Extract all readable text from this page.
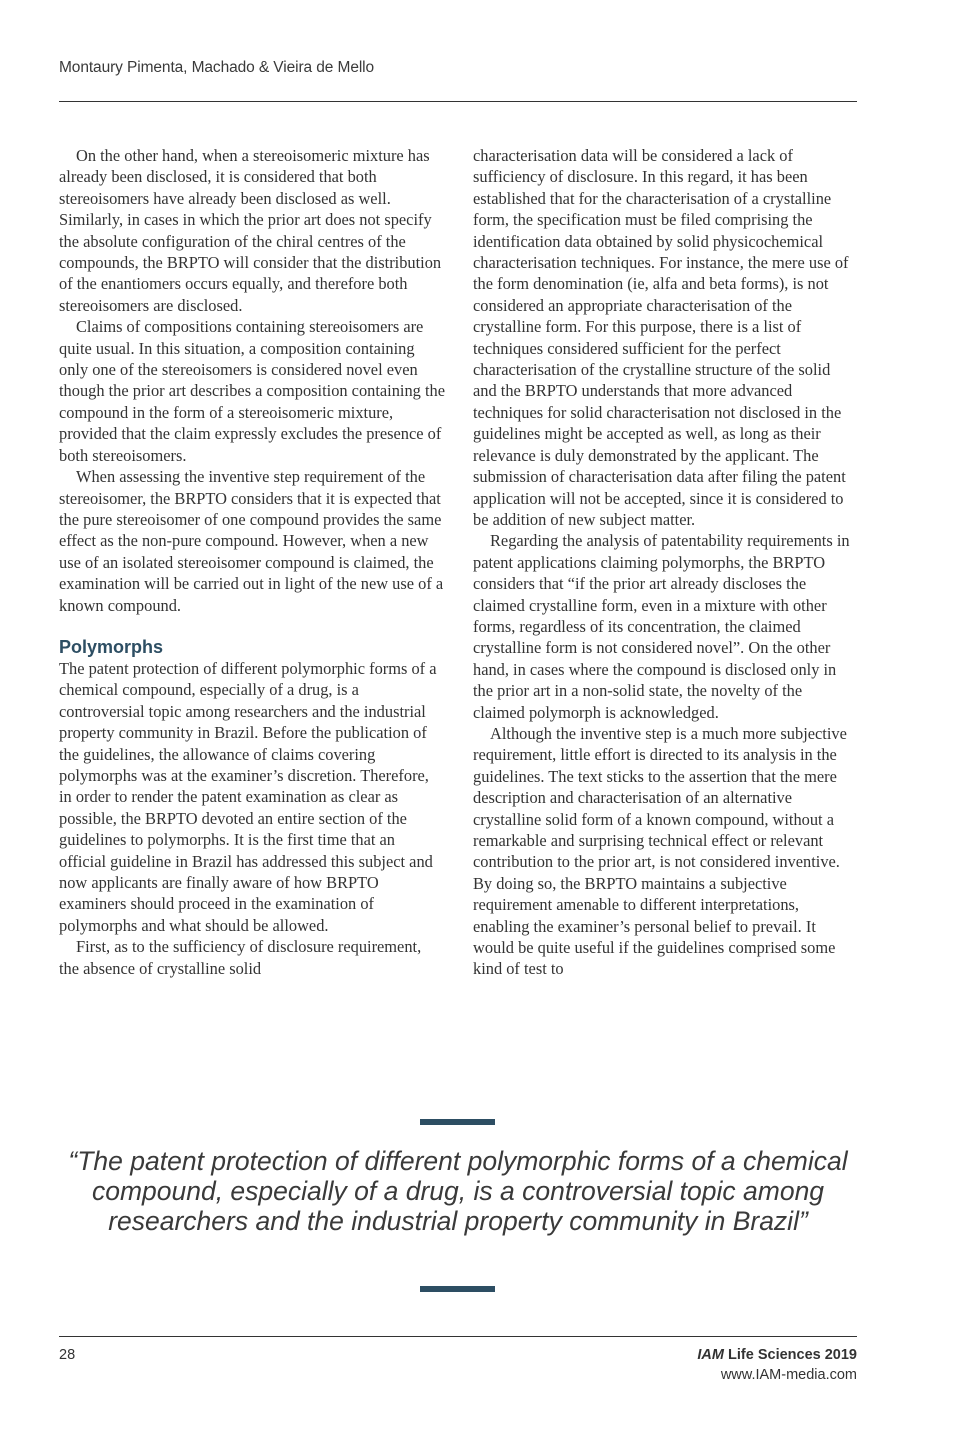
Montaury Pimenta, Machado & Vieira de Mello

On the other hand, when a stereoisomeric mixture has already been disclosed, it is considered that both stereoisomers have already been disclosed as well. Similarly, in cases in which the prior art does not specify the absolute configuration of the chiral centres of the compounds, the BRPTO will consider that the distribution of the enantiomers occurs equally, and therefore both stereoisomers are disclosed.

Claims of compositions containing stereoisomers are quite usual. In this situation, a composition containing only one of the stereoisomers is considered novel even though the prior art describes a composition containing the compound in the form of a stereoisomeric mixture, provided that the claim expressly excludes the presence of both stereoisomers.

When assessing the inventive step requirement of the stereoisomer, the BRPTO considers that it is expected that the pure stereoisomer of one compound provides the same effect as the non-pure compound. However, when a new use of an isolated stereoisomer compound is claimed, the examination will be carried out in light of the new use of a known compound.

Polymorphs

The patent protection of different polymorphic forms of a chemical compound, especially of a drug, is a controversial topic among researchers and the industrial property community in Brazil. Before the publication of the guidelines, the allowance of claims covering polymorphs was at the examiner’s discretion. Therefore, in order to render the patent examination as clear as possible, the BRPTO devoted an entire section of the guidelines to polymorphs. It is the first time that an official guideline in Brazil has addressed this subject and now applicants are finally aware of how BRPTO examiners should proceed in the examination of polymorphs and what should be allowed.

First, as to the sufficiency of disclosure requirement, the absence of crystalline solid

characterisation data will be considered a lack of sufficiency of disclosure. In this regard, it has been established that for the characterisation of a crystalline form, the specification must be filed comprising the identification data obtained by solid physicochemical characterisation techniques. For instance, the mere use of the form denomination (ie, alfa and beta forms), is not considered an appropriate characterisation of the crystalline form. For this purpose, there is a list of techniques considered sufficient for the perfect characterisation of the crystalline structure of the solid and the BRPTO understands that more advanced techniques for solid characterisation not disclosed in the guidelines might be accepted as well, as long as their relevance is duly demonstrated by the applicant. The submission of characterisation data after filing the patent application will not be accepted, since it is considered to be addition of new subject matter.

Regarding the analysis of patentability requirements in patent applications claiming polymorphs, the BRPTO considers that “if the prior art already discloses the claimed crystalline form, even in a mixture with other forms, regardless of its concentration, the claimed crystalline form is not considered novel”. On the other hand, in cases where the compound is disclosed only in the prior art in a non-solid state, the novelty of the claimed polymorph is acknowledged.

Although the inventive step is a much more subjective requirement, little effort is directed to its analysis in the guidelines. The text sticks to the assertion that the mere description and characterisation of an alternative crystalline solid form of a known compound, without a remarkable and surprising technical effect or relevant contribution to the prior art, is not considered inventive. By doing so, the BRPTO maintains a subjective requirement amenable to different interpretations, enabling the examiner’s personal belief to prevail. It would be quite useful if the guidelines comprised some kind of test to

“The patent protection of different polymorphic forms of a chemical compound, especially of a drug, is a controversial topic among researchers and the industrial property community in Brazil”
28	IAM Life Sciences 2019
www.IAM-media.com
